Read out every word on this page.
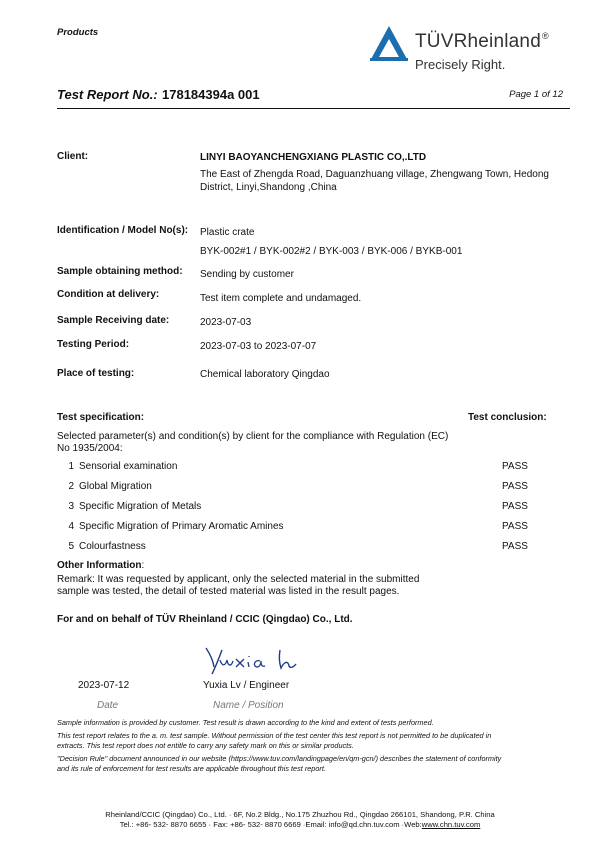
Products	TÜVRheinland®
Precisely Right.
Test Report No.: 178184394a 001	Page 1 of 12
Client:	LINYI BAOYANCHENGXIANG PLASTIC CO,.LTD
The East of Zhengda Road, Daguanzhuang village, Zhengwang Town, Hedong
District, Linyi,Shandong ,China
Identification / Model No(s): Plastic crate
BYK-002#1 / BYK-002#2 / BYK-003 / BYK-006 / BYKB-001
Sample obtaining method: Sending by customer
Condition at delivery:	Test item complete and undamaged.
Sample Receiving date:	2023-07-03
Testing Period:	2023-07-03 to 2023-07-07
Place of testing:	Chemical laboratory Qingdao
Test specification:	Test conclusion:
Selected parameter(s) and condition(s) by client for the compliance with Regulation (EC)
No 1935/2004:
1 Sensorial examination	PASS
2 Global Migration	PASS
3 Specific Migration of Metals	PASS
4 Specific Migration of Primary Aromatic Amines	PASS
5 Colourfastness	PASS
Other Information:
Remark: It was requested by applicant, only the selected material in the submitted
sample was tested, the detail of tested material was listed in the result pages.
For and on behalf of TÜV Rheinland / CCIC (Qingdao) Co., Ltd.
2023-07-12	Yuxia Lv / Engineer
Date	Name / Position
Sample information is provided by customer. Test result is drawn according to the kind and extent of tests performed.
This test report relates to the a. m. test sample. Without permission of the test center this test report is not permitted to be duplicated in
extracts. This test report does not entitle to carry any safety mark on this or similar products.
"Decision Rule" document announced in our website (https://www.tuv.com/landingpage/en/qm-gcn/) describes the statement of conformity
and its rule of enforcement for test results are applicable throughout this test report.
Rheinland/CCIC (Qingdao) Co., Ltd. · 6F, No.2 Bldg., No.175 Zhuzhou Rd., Qingdao 266101, Shandong, P.R. China
Tel.: +86- 532- 8870 6655 · Fax: +86- 532- 8870 6669 ·Email: info@qd.chn.tuv.com ·Web:www.chn.tuv.com
